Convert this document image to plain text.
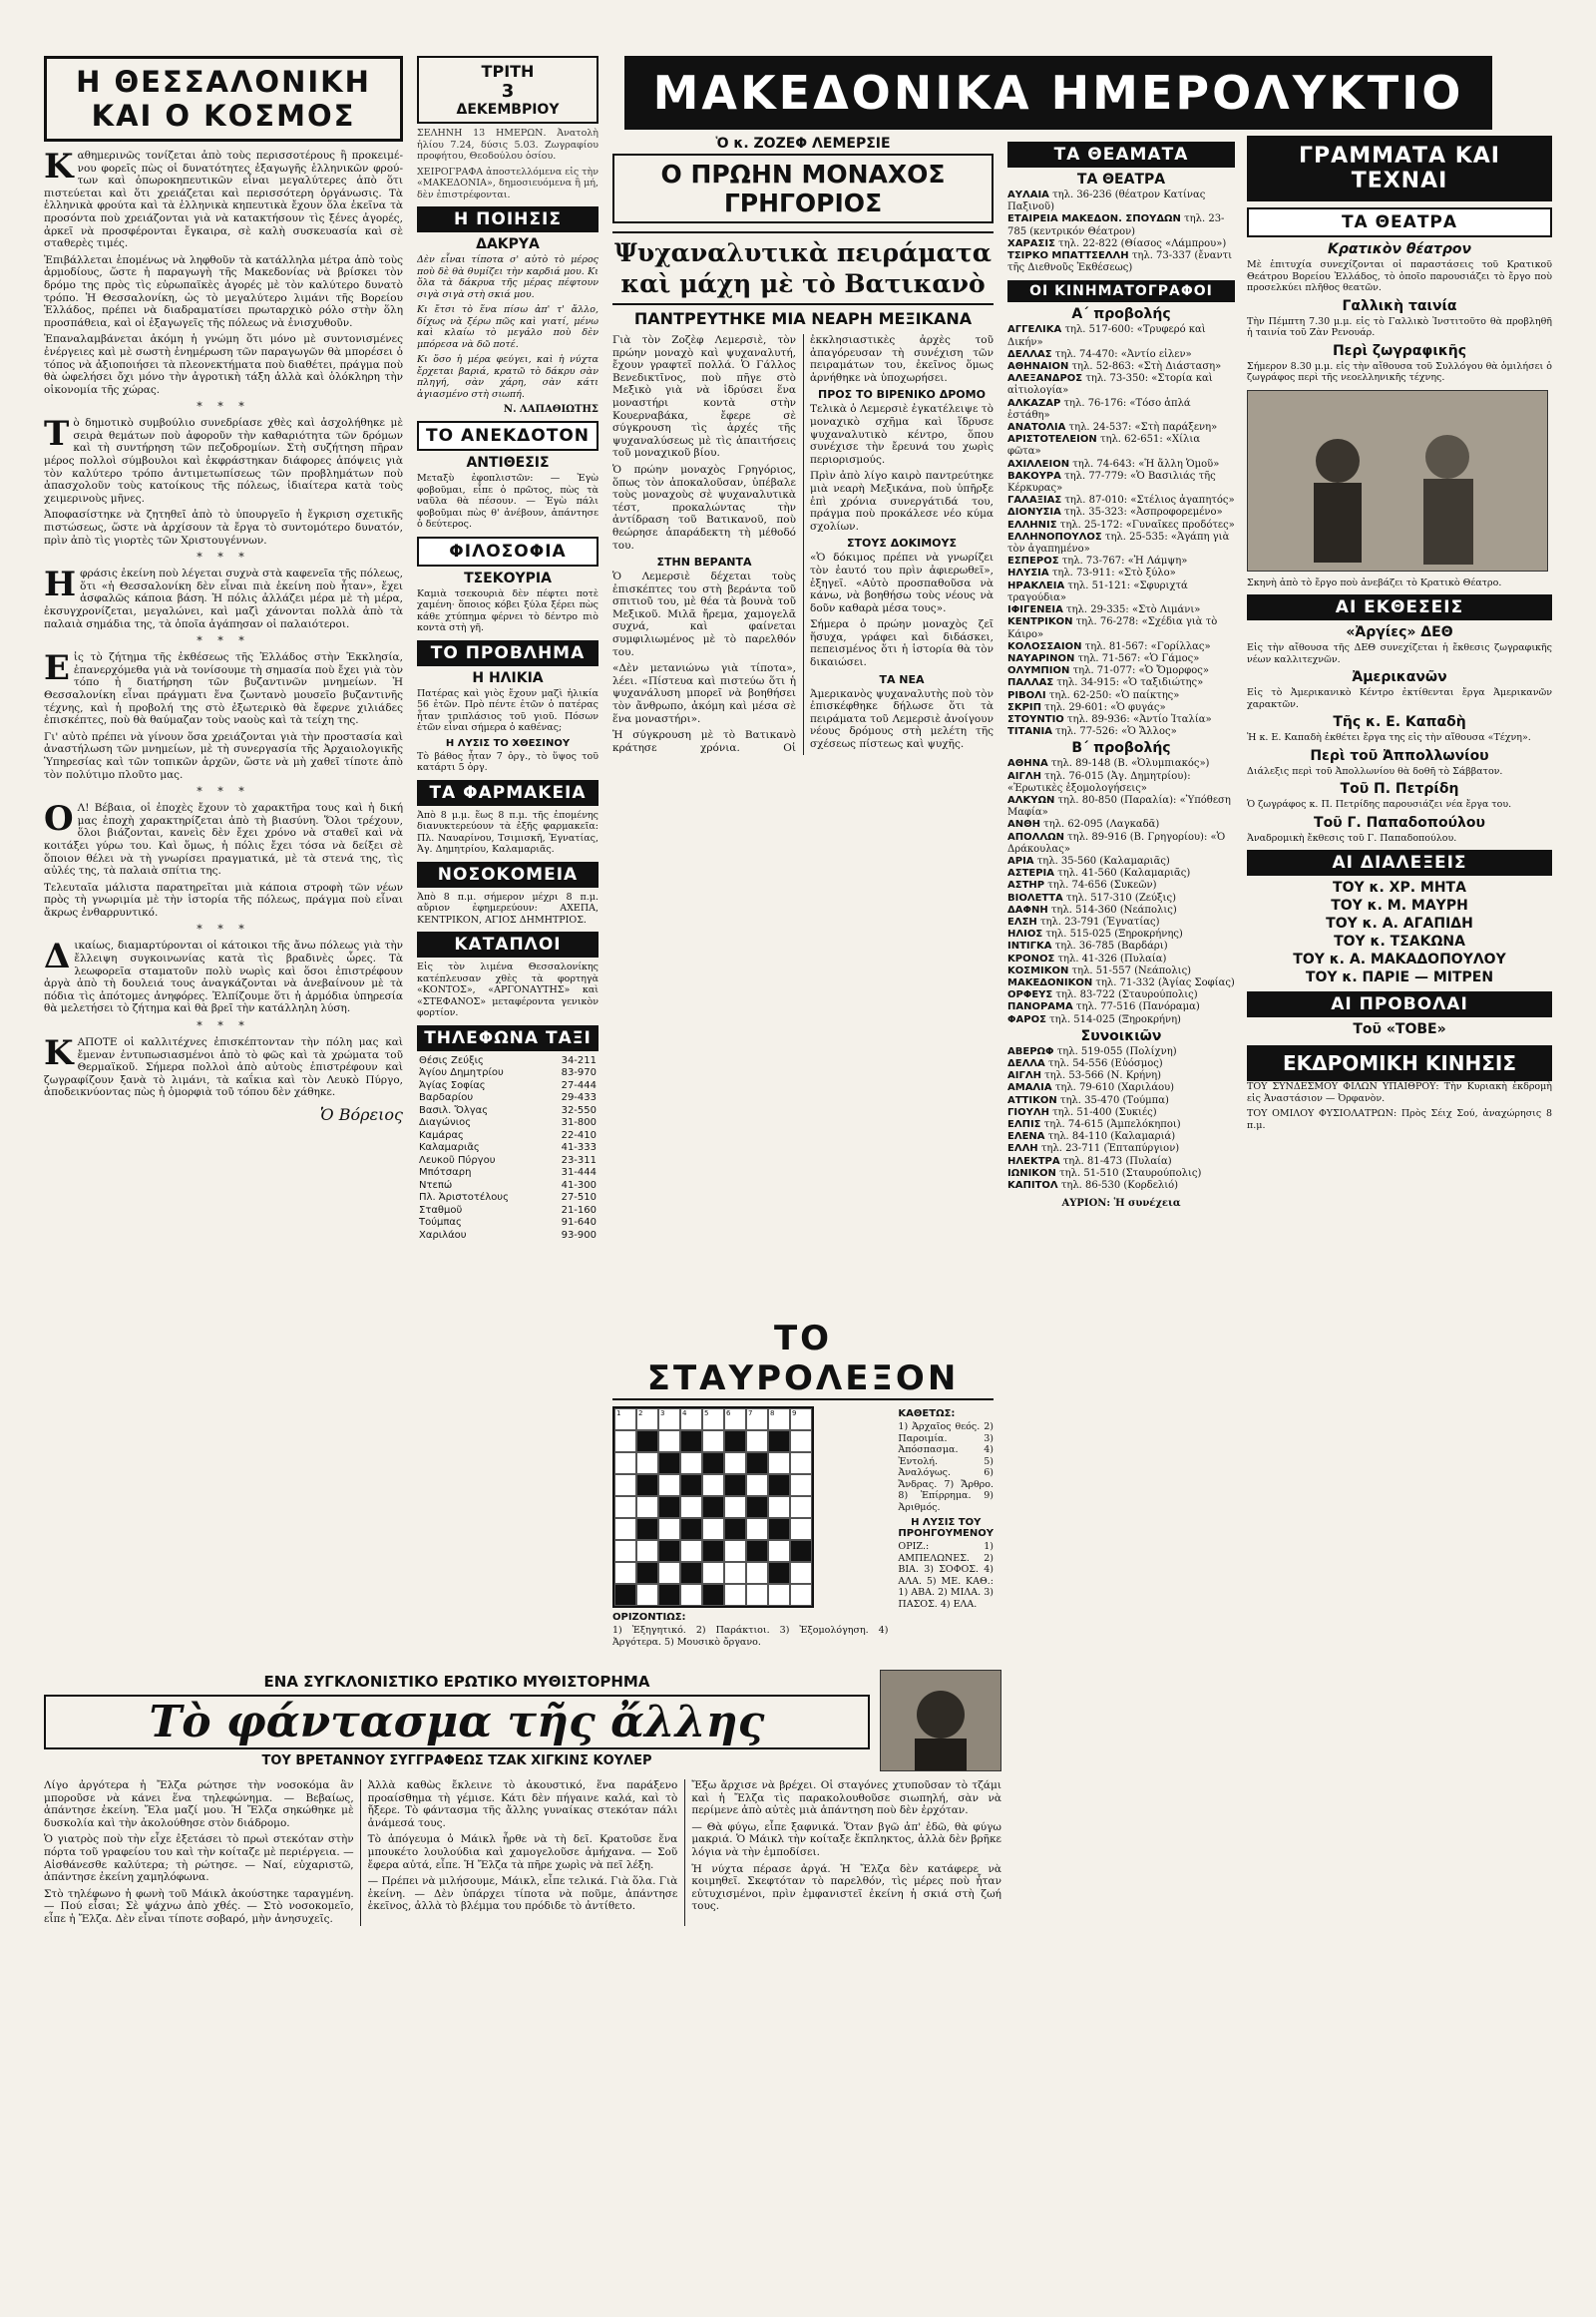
Η ΘΕΣΣΑΛΟΝΙΚΗ ΚΑΙ Ο ΚΟΣΜΟΣ

Καθημερινῶς τονίζεται ἀπὸ τοὺς περισσοτέρους ἢ προκειμένου φορεῖς πὼς οἱ δυνατότητες ἐξαγωγῆς ἑλληνικῶν φρούτων καὶ ὀπωροκηπευτικῶν εἶναι μεγαλύτερες ἀπὸ ὅτι πιστεύεται καὶ ὅτι χρειάζεται καὶ περισσότερη ὀργάνωσις. Τὰ ἑλληνικὰ φρούτα καὶ τὰ ἑλληνικὰ κηπευτικὰ ἔχουν ὅλα ἐκεῖνα τὰ προσόντα ποὺ χρειάζονται γιὰ νὰ κατακτήσουν τὶς ξένες ἀγορές, ἀρκεῖ νὰ προσφέρονται ἔγκαιρα, σὲ καλὴ συσκευασία καὶ σὲ σταθερὲς τιμές.

Ἐπιβάλλεται ἑπομένως νὰ ληφθοῦν τὰ κατάλληλα μέτρα ἀπὸ τοὺς ἁρμοδίους, ὥστε ἡ παραγωγὴ τῆς Μακεδονίας νὰ βρίσκει τὸν δρόμο της πρὸς τὶς εὐρωπαϊκὲς ἀγορές μὲ τὸν καλύτερο δυνατὸ τρόπο. Ἡ Θεσσαλονίκη, ὡς τὸ μεγαλύτερο λιμάνι τῆς Βορείου Ἑλλάδος, πρέπει νὰ διαδραματίσει πρωταρχικὸ ρόλο στὴν ὅλη προσπάθεια, καὶ οἱ ἐξαγωγεῖς τῆς πόλεως νὰ ἐνισχυθοῦν.

Ἐπαναλαμβάνεται ἀκόμη ἡ γνώμη ὅτι μόνο μὲ συντονισμένες ἐνέργειες καὶ μὲ σωστὴ ἐνημέρωση τῶν παραγωγῶν θὰ μπορέσει ὁ τόπος νὰ ἀξιοποιήσει τὰ πλεονεκτήματα ποὺ διαθέτει, πράγμα ποὺ θὰ ὠφελήσει ὄχι μόνο τὴν ἀγροτικὴ τάξη ἀλλὰ καὶ ὁλόκληρη τὴν οἰκονομία τῆς χώρας.

* * *

Τὸ δημοτικὸ συμβούλιο συνεδρίασε χθὲς καὶ ἀσχολήθηκε μὲ σειρὰ θεμάτων ποὺ ἀφοροῦν τὴν καθαριότητα τῶν δρόμων καὶ τὴ συντήρηση τῶν πεζοδρομίων. Στὴ συζήτηση πῆραν μέρος πολλοὶ σύμβουλοι καὶ ἐκφράστηκαν διάφορες ἀπόψεις γιὰ τὸν καλύτερο τρόπο ἀντιμετωπίσεως τῶν προβλημάτων ποὺ ἀπασχολοῦν τοὺς κατοίκους τῆς πόλεως, ἰδιαίτερα κατὰ τοὺς χειμερινοὺς μῆνες.

Ἀποφασίστηκε νὰ ζητηθεῖ ἀπὸ τὸ ὑπουργεῖο ἡ ἔγκριση σχετικῆς πιστώσεως, ὥστε νὰ ἀρχίσουν τὰ ἔργα τὸ συντομότερο δυνατόν, πρὶν ἀπὸ τὶς γιορτὲς τῶν Χριστουγέννων.

* * *

Η φράσις ἐκείνη ποὺ λέγεται συχνὰ στὰ καφενεῖα τῆς πόλεως, ὅτι «ἡ Θεσσαλονίκη δὲν εἶναι πιὰ ἐκείνη ποὺ ἦταν», ἔχει ἀσφαλῶς κάποια βάση. Ἡ πόλις ἀλλάζει μέρα μὲ τὴ μέρα, ἐκσυγχρονίζεται, μεγαλώνει, καὶ μαζὶ χάνονται πολλὰ ἀπὸ τὰ παλαιὰ σημάδια της, τὰ ὁποῖα ἀγάπησαν οἱ παλαιότεροι.

* * *

Εἰς τὸ ζήτημα τῆς ἐκθέσεως τῆς Ἑλλάδος στὴν Ἐκκλησία, ἐπανερχόμεθα γιὰ νὰ τονίσουμε τὴ σημασία ποὺ ἔχει γιὰ τὸν τόπο ἡ διατήρηση τῶν βυζαντινῶν μνημείων. Ἡ Θεσσαλονίκη εἶναι πράγματι ἕνα ζωντανὸ μουσεῖο βυζαντινῆς τέχνης, καὶ ἡ προβολή της στὸ ἐξωτερικὸ θὰ ἔφερνε χιλιάδες ἐπισκέπτες, ποὺ θὰ θαύμαζαν τοὺς ναοὺς καὶ τὰ τείχη της.

Γι' αὐτὸ πρέπει νὰ γίνουν ὅσα χρειάζονται γιὰ τὴν προστασία καὶ ἀναστήλωση τῶν μνημείων, μὲ τὴ συνεργασία τῆς Ἀρχαιολογικῆς Ὑπηρεσίας καὶ τῶν τοπικῶν ἀρχῶν, ὥστε νὰ μὴ χαθεῖ τίποτε ἀπὸ τὸν πολύτιμο πλοῦτο μας.

* * *

Ο Λ! Βέβαια, οἱ ἐποχὲς ἔχουν τὸ χαρακτῆρα τους καὶ ἡ δική μας ἐποχὴ χαρακτηρίζεται ἀπὸ τὴ βιασύνη. Ὅλοι τρέχουν, ὅλοι βιάζονται, κανεὶς δὲν ἔχει χρόνο νὰ σταθεῖ καὶ νὰ κοιτάξει γύρω του. Καὶ ὅμως, ἡ πόλις ἔχει τόσα νὰ δείξει σὲ ὅποιον θέλει νὰ τὴ γνωρίσει πραγματικά, μὲ τὰ στενά της, τὶς αὐλές της, τὰ παλαιὰ σπίτια της.

Τελευταῖα μάλιστα παρατηρεῖται μιὰ κάποια στροφὴ τῶν νέων πρὸς τὴ γνωριμία μὲ τὴν ἱστορία τῆς πόλεως, πράγμα ποὺ εἶναι ἄκρως ἐνθαρρυντικό.

* * *

Δικαίως, διαμαρτύρονται οἱ κάτοικοι τῆς ἄνω πόλεως γιὰ τὴν ἔλλειψη συγκοινωνίας κατὰ τὶς βραδινὲς ὧρες. Τὰ λεωφορεῖα σταματοῦν πολὺ νωρὶς καὶ ὅσοι ἐπιστρέφουν ἀργὰ ἀπὸ τὴ δουλειά τους ἀναγκάζονται νὰ ἀνεβαίνουν μὲ τὰ πόδια τὶς ἀπότομες ἀνηφόρες. Ἐλπίζουμε ὅτι ἡ ἁρμόδια ὑπηρεσία θὰ μελετήσει τὸ ζήτημα καὶ θὰ βρεῖ τὴν κατάλληλη λύση.

* * *

ΚΑΠΟΤΕ οἱ καλλιτέχνες ἐπισκέπτονταν τὴν πόλη μας καὶ ἔμεναν ἐντυπωσιασμένοι ἀπὸ τὸ φῶς καὶ τὰ χρώματα τοῦ Θερμαϊκοῦ. Σήμερα πολλοὶ ἀπὸ αὐτοὺς ἐπιστρέφουν καὶ ζωγραφίζουν ξανὰ τὸ λιμάνι, τὰ καΐκια καὶ τὸν Λευκὸ Πύργο, ἀποδεικνύοντας πὼς ἡ ὀμορφιὰ τοῦ τόπου δὲν χάθηκε.

Ὁ Βόρειος
ΤΡΙΤΗ
3
ΔΕΚΕΜΒΡΙΟΥ

ΣΕΛΗΝΗ 13 ΗΜΕΡΩΝ. Ἀνατολὴ ἡλίου 7.24, δύσις 5.03. Ζωγραφίου προφήτου, Θεοδούλου ὁσίου.

ΧΕΙΡΟΓΡΑΦΑ ἀποστελλόμενα εἰς τὴν «ΜΑΚΕΔΟΝΙΑ», δημοσιευόμενα ἢ μή, δὲν ἐπιστρέφονται.

Η ΠΟΙΗΣΙΣ
ΔΑΚΡΥΑ

Δὲν εἶναι τίποτα σ' αὐτὸ τὸ μέρος ποὺ δὲ θὰ θυμίζει τὴν καρδιά μου. Κι ὅλα τὰ δάκρυα τῆς μέρας πέφτουν σιγὰ σιγὰ στὴ σκιά μου.

Κι ἔτσι τὸ ἕνα πίσω ἀπ' τ' ἄλλο, δίχως νὰ ξέρω πῶς καὶ γιατί, μένω καὶ κλαίω τὸ μεγάλο ποὺ δὲν μπόρεσα νὰ δῶ ποτέ.

Κι ὅσο ἡ μέρα φεύγει, καὶ ἡ νύχτα ἔρχεται βαριά, κρατῶ τὸ δάκρυ σὰν πληγή, σὰν χάρη, σὰν κάτι ἀγιασμένο στὴ σιωπή.

Ν. ΛΑΠΑΘΙΩΤΗΣ
ΤΟ ΑΝΕΚΔΟΤΟΝ
ΑΝΤΙΘΕΣΙΣ

Μεταξὺ ἐφοπλιστῶν: — Ἐγὼ φοβοῦμαι, εἶπε ὁ πρῶτος, πὼς τὰ ναῦλα θὰ πέσουν. — Ἐγὼ πάλι φοβοῦμαι πὼς θ' ἀνέβουν, ἀπάντησε ὁ δεύτερος.

ΦΙΛΟΣΟΦΙΑ
ΤΣΕΚΟΥΡΙΑ

Καμιὰ τσεκουριὰ δὲν πέφτει ποτὲ χαμένη· ὅποιος κόβει ξύλα ξέρει πὼς κάθε χτύπημα φέρνει τὸ δέντρο πιὸ κοντὰ στὴ γῆ.

ΤΟ ΠΡΟΒΛΗΜΑ
Η ΗΛΙΚΙΑ

Πατέρας καὶ γιὸς ἔχουν μαζὶ ἡλικία 56 ἐτῶν. Πρὸ πέντε ἐτῶν ὁ πατέρας ἦταν τριπλάσιος τοῦ γιοῦ. Πόσων ἐτῶν εἶναι σήμερα ὁ καθένας;

Η ΛΥΣΙΣ ΤΟ ΧΘΕΣΙΝΟΥ

Τὸ βάθος ἦταν 7 ὀργ., τὸ ὕψος τοῦ κατάρτι 5 ὀργ.

ΤΑ ΦΑΡΜΑΚΕΙΑ

Ἀπὸ 8 μ.μ. ἕως 8 π.μ. τῆς ἐπομένης διανυκτερεύουν τὰ ἑξῆς φαρμακεῖα: Πλ. Ναυαρίνου, Τσιμισκῆ, Ἐγνατίας, Ἀγ. Δημητρίου, Καλαμαριᾶς.

ΝΟΣΟΚΟΜΕΙΑ

Ἀπὸ 8 π.μ. σήμερον μέχρι 8 π.μ. αὔριον ἐφημερεύουν: ΑΧΕΠΑ, ΚΕΝΤΡΙΚΟΝ, ΑΓΙΟΣ ΔΗΜΗΤΡΙΟΣ.

ΚΑΤΑΠΛΟΙ

Εἰς τὸν λιμένα Θεσσαλονίκης κατέπλευσαν χθὲς τὰ φορτηγὰ «ΚΟΝΤΟΣ», «ΑΡΓΟΝΑΥΤΗΣ» καὶ «ΣΤΕΦΑΝΟΣ» μεταφέροντα γενικὸν φορτίον.

ΤΗΛΕΦΩΝΑ ΤΑΞΙ
Θέσις Ζεύξις	34-211
Ἀγίου Δημητρίου	83-970
Ἀγίας Σοφίας	27-444
Βαρδαρίου	29-433
Βασιλ. Ὄλγας	32-550
Διαγώνιος	31-800
Καμάρας	22-410
Καλαμαριᾶς	41-333
Λευκοῦ Πύργου	23-311
Μπότσαρη	31-444
Ντεπώ	41-300
Πλ. Ἀριστοτέλους	27-510
Σταθμοῦ	21-160
Τούμπας	91-640
Χαριλάου	93-900
ΜΑΚΕΔΟΝΙΚΑ ΗΜΕΡΟΛΥΚΤΙΟ
Ὁ κ. ΖΟΖΕΦ ΛΕΜΕΡΣΙΕ
Ο ΠΡΩΗΝ ΜΟΝΑΧΟΣ ΓΡΗΓΟΡΙΟΣ
Ψυχαναλυτικὰ πειράματα καὶ μάχη μὲ τὸ Βατικανὸ
ΠΑΝΤΡΕΥΤΗΚΕ ΜΙΑ ΝΕΑΡΗ ΜΕΞΙΚΑΝΑ

Γιὰ τὸν Ζοζὲφ Λεμερσιὲ, τὸν πρώην μοναχὸ καὶ ψυχαναλυτή, ἔχουν γραφτεῖ πολλά. Ὁ Γάλλος Βενεδικτῖνος, ποὺ πῆγε στὸ Μεξικὸ γιὰ νὰ ἱδρύσει ἕνα μοναστήρι κοντὰ στὴν Κουερναβάκα, ἔφερε σὲ σύγκρουση τὶς ἀρχές τῆς ψυχαναλύσεως μὲ τὶς ἀπαιτήσεις τοῦ μοναχικοῦ βίου.

Ὁ πρώην μοναχὸς Γρηγόριος, ὅπως τὸν ἀποκαλοῦσαν, ὑπέβαλε τοὺς μοναχοὺς σὲ ψυχαναλυτικὰ τέστ, προκαλώντας τὴν ἀντίδραση τοῦ Βατικανοῦ, ποὺ θεώρησε ἀπαράδεκτη τὴ μέθοδό του.

ΣΤΗΝ ΒΕΡΑΝΤΑ

Ὁ Λεμερσιὲ δέχεται τοὺς ἐπισκέπτες του στὴ βεράντα τοῦ σπιτιοῦ του, μὲ θέα τὰ βουνὰ τοῦ Μεξικοῦ. Μιλᾶ ἤρεμα, χαμογελᾶ συχνά, καὶ φαίνεται συμφιλιωμένος μὲ τὸ παρελθόν του.

«Δὲν μετανιώνω γιὰ τίποτα», λέει. «Πίστευα καὶ πιστεύω ὅτι ἡ ψυχανάλυση μπορεῖ νὰ βοηθήσει τὸν ἄνθρωπο, ἀκόμη καὶ μέσα σὲ ἕνα μοναστήρι».

Ἡ σύγκρουση μὲ τὸ Βατικανὸ κράτησε χρόνια. Οἱ ἐκκλησιαστικὲς ἀρχὲς τοῦ ἀπαγόρευσαν τὴ συνέχιση τῶν πειραμάτων του, ἐκεῖνος ὅμως ἀρνήθηκε νὰ ὑποχωρήσει.

ΠΡΟΣ ΤΟ ΒΙΡΕΝΙΚΟ ΔΡΟΜΟ

Τελικὰ ὁ Λεμερσιὲ ἐγκατέλειψε τὸ μοναχικὸ σχῆμα καὶ ἵδρυσε ψυχαναλυτικὸ κέντρο, ὅπου συνέχισε τὴν ἔρευνά του χωρὶς περιορισμούς.

Πρὶν ἀπὸ λίγο καιρὸ παντρεύτηκε μιὰ νεαρὴ Μεξικάνα, ποὺ ὑπῆρξε ἐπὶ χρόνια συνεργάτιδά του, πράγμα ποὺ προκάλεσε νέο κύμα σχολίων.

ΣΤΟΥΣ ΔΟΚΙΜΟΥΣ

«Ὁ δόκιμος πρέπει νὰ γνωρίζει τὸν ἑαυτό του πρὶν ἀφιερωθεῖ», ἐξηγεῖ. «Αὐτὸ προσπαθοῦσα νὰ κάνω, νὰ βοηθήσω τοὺς νέους νὰ δοῦν καθαρὰ μέσα τους».

Σήμερα ὁ πρώην μοναχὸς ζεῖ ἥσυχα, γράφει καὶ διδάσκει, πεπεισμένος ὅτι ἡ ἱστορία θὰ τὸν δικαιώσει.

ΤΑ ΝΕΑ

Ἀμερικανὸς ψυχαναλυτὴς ποὺ τὸν ἐπισκέφθηκε δήλωσε ὅτι τὰ πειράματα τοῦ Λεμερσιὲ ἀνοίγουν νέους δρόμους στὴ μελέτη τῆς σχέσεως πίστεως καὶ ψυχῆς.

ΤΟ ΣΤΑΥΡΟΛΕΞΟΝ
1	2	3	4	5	6	7	8	9
ΟΡΙΖΟΝΤΙΩΣ:

1) Ἐξηγητικό. 2) Παράκτιοι. 3) Ἐξομολόγηση. 4) Ἀργότερα. 5) Μουσικὸ ὄργανο.

ΚΑΘΕΤΩΣ:

1) Ἀρχαῖος θεός. 2) Παροιμία. 3) Ἀπόσπασμα. 4) Ἐντολή. 5) Ἀναλόγως. 6) Ἄνδρας. 7) Ἄρθρο. 8) Ἐπίρρημα. 9) Ἀριθμός.

Η ΛΥΣΙΣ ΤΟΥ ΠΡΟΗΓΟΥΜΕΝΟΥ

ΟΡΙΖ.: 1) ΑΜΠΕΛΩΝΕΣ. 2) ΒΙΑ. 3) ΣΟΦΟΣ. 4) ΑΛΑ. 5) ΜΕ. ΚΑΘ.: 1) ΑΒΑ. 2) ΜΙΛΑ. 3) ΠΑΣΟΣ. 4) ΕΛΑ.

ΤΑ ΘΕΑΜΑΤΑ
ΤΑ ΘΕΑΤΡΑ

ΑΥΛΑΙΑ τηλ. 36-236 (θέατρον Κατίνας Παξινοῦ)

ΕΤΑΙΡΕΙΑ ΜΑΚΕΔΟΝ. ΣΠΟΥΔΩΝ τηλ. 23-785 (κεντρικόν Θέατρον)

ΧΑΡΑΣΙΣ τηλ. 22-822 (Θίασος «Λάμπρου»)

ΤΣΙΡΚΟ ΜΠΑΤΤΣΕΛΛΗ τηλ. 73-337 (ἔναντι τῆς Διεθνοῦς Ἐκθέσεως)

ΟΙ ΚΙΝΗΜΑΤΟΓΡΑΦΟΙ
Α΄ προβολής

ΑΓΓΕΛΙΚΑ τηλ. 517-600: «Τρυφερό καὶ Δικήν»

ΔΕΛΛΑΣ τηλ. 74-470: «Ἀντίο εἰλεν»

ΑΘΗΝΑΙΟΝ τηλ. 52-863: «Στὴ Διάσταση»

ΑΛΕΞΑΝΔΡΟΣ τηλ. 73-350: «Στορία καὶ αἰτιολογία»

ΑΛΚΑΖΑΡ τηλ. 76-176: «Τόσο ἁπλά ἐστάθη»

ΑΝΑΤΟΛΙΑ τηλ. 24-537: «Στὴ παράξενη»

ΑΡΙΣΤΟΤΕΛΕΙΟΝ τηλ. 62-651: «Χίλια φῶτα»

ΑΧΙΛΛΕΙΟΝ τηλ. 74-643: «Ἡ ἄλλη Ὁμοῦ»

ΒΑΚΟΥΡΑ τηλ. 77-779: «Ὁ Βασιλιάς τῆς Κέρκυρας»

ΓΑΛΑΞΙΑΣ τηλ. 87-010: «Στέλιος ἀγαπητός»

ΔΙΟΝΥΣΙΑ τηλ. 35-323: «Ἀσπροφορεμένο»

ΕΛΛΗΝΙΣ τηλ. 25-172: «Γυναῖκες προδότες»

ΕΛΛΗΝΟΠΟΥΛΟΣ τηλ. 25-535: «Ἀγάπη γιὰ τὸν ἀγαπημένο»

ΕΣΠΕΡΟΣ τηλ. 73-767: «Ἡ Λάμψη»

ΗΛΥΣΙΑ τηλ. 73-911: «Στὸ ξύλο»

ΗΡΑΚΛΕΙΑ τηλ. 51-121: «Σφυριχτά τραγούδια»

ΙΦΙΓΕΝΕΙΑ τηλ. 29-335: «Στὸ Λιμάνι»

ΚΕΝΤΡΙΚΟΝ τηλ. 76-278: «Σχέδια γιὰ τὸ Κάιρο»

ΚΟΛΟΣΣΑΙΟΝ τηλ. 81-567: «Γορίλλας»

ΝΑΥΑΡΙΝΟΝ τηλ. 71-567: «Ὁ Γάμος»

ΟΛΥΜΠΙΟΝ τηλ. 71-077: «Ὁ Ὄμορφος»

ΠΑΛΛΑΣ τηλ. 34-915: «Ὁ ταξιδιώτης»

ΡΙΒΟΛΙ τηλ. 62-250: «Ὁ παίκτης»

ΣΚΡΙΠ τηλ. 29-601: «Ὁ φυγάς»

ΣΤΟΥΝΤΙΟ τηλ. 89-936: «Ἀντίο Ἰταλία»

ΤΙΤΑΝΙΑ τηλ. 77-526: «Ὁ Ἄλλος»

Β΄ προβολής

ΑΘΗΝΑ τηλ. 89-148 (Β. «Ὀλυμπιακός»)

ΑΙΓΛΗ τηλ. 76-015 (Ἀγ. Δημητρίου): «Ἐρωτικὲς ἐξομολογήσεις»

ΑΛΚΥΩΝ τηλ. 80-850 (Παραλία): «Ὑπόθεση Μαφία»

ΑΝΘΗ τηλ. 62-095 (Λαγκαδᾶ)

ΑΠΟΛΛΩΝ τηλ. 89-916 (Β. Γρηγορίου): «Ὁ Δράκουλας»

ΑΡΙΑ τηλ. 35-560 (Καλαμαριᾶς)

ΑΣΤΕΡΙΑ τηλ. 41-560 (Καλαμαριᾶς)

ΑΣΤΗΡ τηλ. 74-656 (Συκεῶν)

ΒΙΟΛΕΤΤΑ τηλ. 517-310 (Ζεύξις)

ΔΑΦΝΗ τηλ. 514-360 (Νεάπολις)

ΕΛΣΗ τηλ. 23-791 (Ἐγνατίας)

ΗΛΙΟΣ τηλ. 515-025 (Ξηροκρήνης)

ΙΝΤΙΓΚΑ τηλ. 36-785 (Βαρδάρι)

ΚΡΟΝΟΣ τηλ. 41-326 (Πυλαία)

ΚΟΣΜΙΚΟΝ τηλ. 51-557 (Νεάπολις)

ΜΑΚΕΔΟΝΙΚΟΝ τηλ. 71-332 (Ἀγίας Σοφίας)

ΟΡΦΕΥΣ τηλ. 83-722 (Σταυρούπολις)

ΠΑΝΟΡΑΜΑ τηλ. 77-516 (Πανόραμα)

ΦΑΡΟΣ τηλ. 514-025 (Ξηροκρήνη)

Συνοικιῶν

ΑΒΕΡΩΦ τηλ. 519-055 (Πολίχνη)

ΔΕΛΛΑ τηλ. 54-556 (Εὐόσμος)

ΑΙΓΛΗ τηλ. 53-566 (Ν. Κρήνη)

ΑΜΑΛΙΑ τηλ. 79-610 (Χαριλάου)

ΑΤΤΙΚΟΝ τηλ. 35-470 (Τούμπα)

ΓΙΟΥΛΗ τηλ. 51-400 (Συκιές)

ΕΛΠΙΣ τηλ. 74-615 (Ἀμπελόκηποι)

ΕΛΕΝΑ τηλ. 84-110 (Καλαμαριά)

ΕΛΛΗ τηλ. 23-711 (Ἐπταπύργιον)

ΗΛΕΚΤΡΑ τηλ. 81-473 (Πυλαία)

ΙΩΝΙΚΟΝ τηλ. 51-510 (Σταυρούπολις)

ΚΑΠΙΤΟΛ τηλ. 86-530 (Κορδελιό)

ΑΥΡΙΟΝ: Ἡ συνέχεια
ΓΡΑΜΜΑΤΑ ΚΑΙ ΤΕΧΝΑΙ
ΤΑ ΘΕΑΤΡΑ
Κρατικὸν θέατρον

Μὲ ἐπιτυχία συνεχίζονται οἱ παραστάσεις τοῦ Κρατικοῦ Θεάτρου Βορείου Ἑλλάδος, τὸ ὁποῖο παρουσιάζει τὸ ἔργο ποὺ προσελκύει πλῆθος θεατῶν.

Γαλλικὴ ταινία

Τὴν Πέμπτη 7.30 μ.μ. εἰς τὸ Γαλλικὸ Ἰνστιτοῦτο θὰ προβληθῆ ἡ ταινία τοῦ Ζὰν Ρενουάρ.

Περὶ ζωγραφικῆς

Σήμερον 8.30 μ.μ. εἰς τὴν αἴθουσα τοῦ Συλλόγου θὰ ὁμιλήσει ὁ ζωγράφος περὶ τῆς νεοελληνικῆς τέχνης.

Σκηνὴ ἀπὸ τὸ ἔργο ποὺ ἀνεβάζει τὸ Κρατικὸ Θέατρο.

ΑΙ ΕΚΘΕΣΕΙΣ
«Ἀργίες» ΔΕΘ

Εἰς τὴν αἴθουσα τῆς ΔΕΘ συνεχίζεται ἡ ἔκθεσις ζωγραφικῆς νέων καλλιτεχνῶν.

Ἀμερικανῶν

Εἰς τὸ Ἀμερικανικὸ Κέντρο ἐκτίθενται ἔργα Ἀμερικανῶν χαρακτῶν.

Τῆς κ. Ε. Καπαδὴ

Ἡ κ. Ε. Καπαδὴ ἐκθέτει ἔργα της εἰς τὴν αἴθουσα «Τέχνη».

Περὶ τοῦ Ἀππολλωνίου

Διάλεξις περὶ τοῦ Ἀπολλωνίου θὰ δοθῆ τὸ Σάββατον.

Τοῦ Π. Πετρίδη

Ὁ ζωγράφος κ. Π. Πετρίδης παρουσιάζει νέα ἔργα του.

Τοῦ Γ. Παπαδοπούλου

Ἀναδρομικὴ ἔκθεσις τοῦ Γ. Παπαδοπούλου.

ΑΙ ΔΙΑΛΕΞΕΙΣ
ΤΟΥ κ. ΧΡ. ΜΗΤΑ
ΤΟΥ κ. Μ. ΜΑΥΡΗ
ΤΟΥ κ. Α. ΑΓΑΠΙΔΗ
ΤΟΥ κ. ΤΣΑΚΩΝΑ
ΤΟΥ κ. Α. ΜΑΚΑΔΟΠΟΥΛΟΥ
ΤΟΥ κ. ΠΑΡΙΕ — ΜΙΤΡΕΝ
ΑΙ ΠΡΟΒΟΛΑΙ
Τοῦ «ΤΟΒΕ»
ΕΚΔΡΟΜΙΚΗ ΚΙΝΗΣΙΣ

ΤΟΥ ΣΥΝΔΕΣΜΟΥ ΦΙΛΩΝ ΥΠΑΙΘΡΟΥ: Τὴν Κυριακὴ ἐκδρομὴ εἰς Ἀναστάσιον — Ὀρφανὸν.

ΤΟΥ ΟΜΙΛΟΥ ΦΥΣΙΟΛΑΤΡΩΝ: Πρὸς Σέιχ Σού, ἀναχώρησις 8 π.μ.

ΕΝΑ ΣΥΓΚΛΟΝΙΣΤΙΚΟ ΕΡΩΤΙΚΟ ΜΥΘΙΣΤΟΡΗΜΑ
Τὸ φάντασμα τῆς ἄλλης
ΤΟΥ ΒΡΕΤΑΝΝΟΥ ΣΥΓΓΡΑΦΕΩΣ ΤΖΑΚ ΧΙΓΚΙΝΣ ΚΟΥΛΕΡ

Λίγο ἀργότερα ἡ Ἔλζα ρώτησε τὴν νοσοκόμα ἂν μποροῦσε νὰ κάνει ἕνα τηλεφώνημα. — Βεβαίως, ἀπάντησε ἐκείνη. Ἔλα μαζί μου. Ἡ Ἔλζα σηκώθηκε μὲ δυσκολία καὶ τὴν ἀκολούθησε στὸν διάδρομο.

Ὁ γιατρὸς ποὺ τὴν εἶχε ἐξετάσει τὸ πρωὶ στεκόταν στὴν πόρτα τοῦ γραφείου του καὶ τὴν κοίταζε μὲ περιέργεια. — Αἰσθάνεσθε καλύτερα; τὴ ρώτησε. — Ναί, εὐχαριστῶ, ἀπάντησε ἐκείνη χαμηλόφωνα.

Στὸ τηλέφωνο ἡ φωνὴ τοῦ Μάικλ ἀκούστηκε ταραγμένη. — Πού εἶσαι; Σὲ ψάχνω ἀπὸ χθές. — Στὸ νοσοκομεῖο, εἶπε ἡ Ἔλζα. Δὲν εἶναι τίποτε σοβαρό, μὴν ἀνησυχεῖς.

Ἀλλὰ καθὼς ἔκλεινε τὸ ἀκουστικό, ἕνα παράξενο προαίσθημα τὴ γέμισε. Κάτι δὲν πήγαινε καλά, καὶ τὸ ἤξερε. Τὸ φάντασμα τῆς ἄλλης γυναίκας στεκόταν πάλι ἀνάμεσά τους.

Τὸ ἀπόγευμα ὁ Μάικλ ἦρθε νὰ τὴ δεῖ. Κρατοῦσε ἕνα μπουκέτο λουλούδια καὶ χαμογελοῦσε ἀμήχανα. — Σοῦ ἔφερα αὐτά, εἶπε. Ἡ Ἔλζα τὰ πῆρε χωρὶς νὰ πεῖ λέξη.

— Πρέπει νὰ μιλήσουμε, Μάικλ, εἶπε τελικά. Γιὰ ὅλα. Γιὰ ἐκείνη. — Δὲν ὑπάρχει τίποτα νὰ ποῦμε, ἀπάντησε ἐκεῖνος, ἀλλὰ τὸ βλέμμα του πρόδιδε τὸ ἀντίθετο.

Ἔξω ἄρχισε νὰ βρέχει. Οἱ σταγόνες χτυποῦσαν τὸ τζάμι καὶ ἡ Ἔλζα τὶς παρακολουθοῦσε σιωπηλή, σὰν νὰ περίμενε ἀπὸ αὐτὲς μιὰ ἀπάντηση ποὺ δὲν ἐρχόταν.

— Θὰ φύγω, εἶπε ξαφνικά. Ὅταν βγῶ ἀπ' ἐδῶ, θὰ φύγω μακριά. Ὁ Μάικλ τὴν κοίταξε ἔκπληκτος, ἀλλὰ δὲν βρῆκε λόγια νὰ τὴν ἐμποδίσει.

Ἡ νύχτα πέρασε ἀργά. Ἡ Ἔλζα δὲν κατάφερε νὰ κοιμηθεῖ. Σκεφτόταν τὸ παρελθόν, τὶς μέρες ποὺ ἦταν εὐτυχισμένοι, πρὶν ἐμφανιστεῖ ἐκείνη ἡ σκιά στὴ ζωή τους.
